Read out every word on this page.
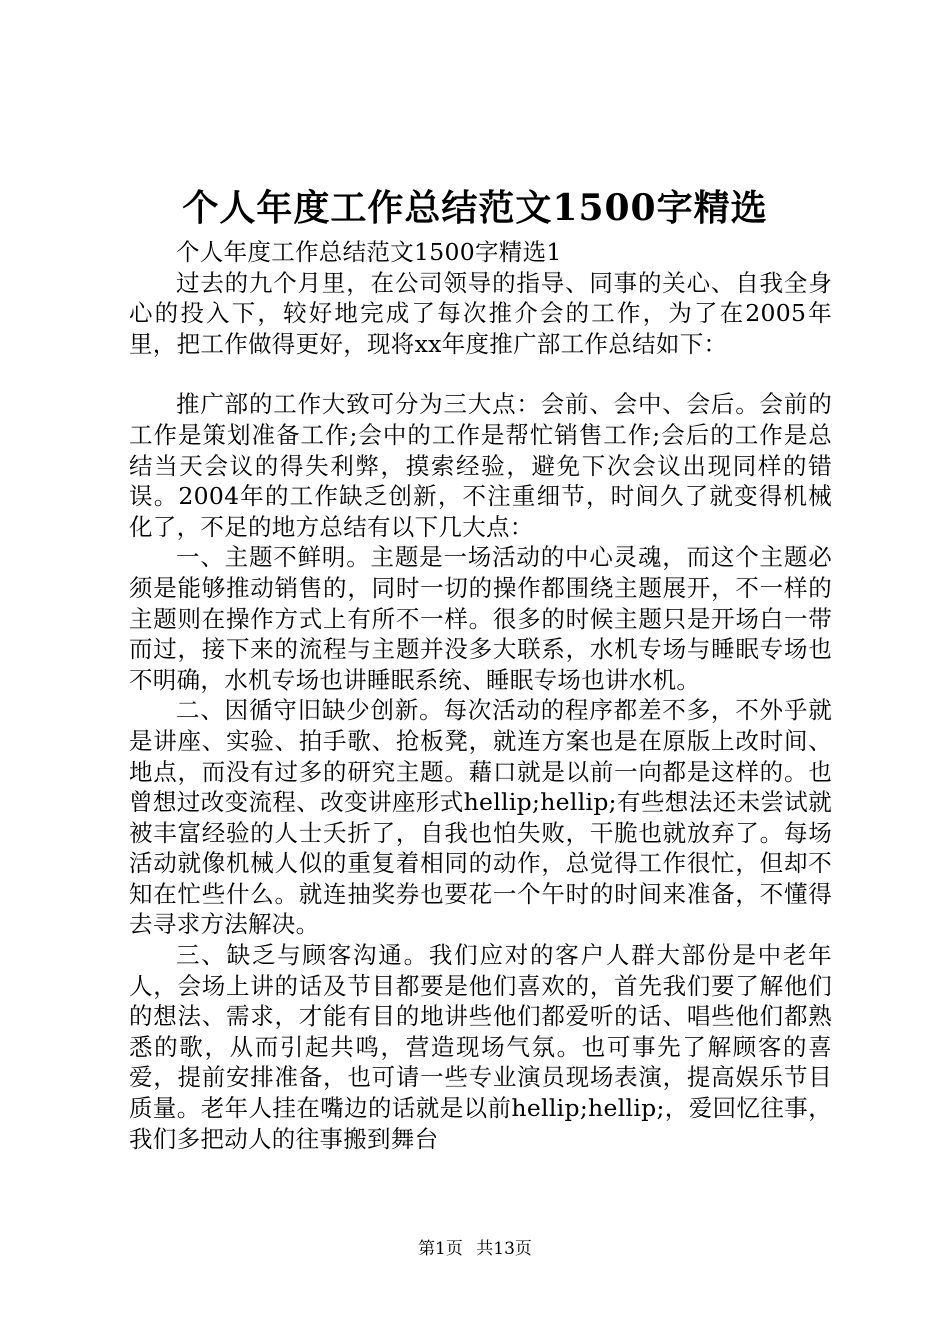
个人年度工作总结范文1500字精选

个人年度工作总结范文1500字精选1

过去的九个月里，在公司领导的指导、同事的关心、自我全身心的投入下，较好地完成了每次推介会的工作，为了在2005年里，把工作做得更好，现将xx年度推广部工作总结如下：

推广部的工作大致可分为三大点：会前、会中、会后。会前的工作是策划准备工作;会中的工作是帮忙销售工作;会后的工作是总结当天会议的得失利弊，摸索经验，避免下次会议出现同样的错误。2004年的工作缺乏创新，不注重细节，时间久了就变得机械化了，不足的地方总结有以下几大点：

一、主题不鲜明。主题是一场活动的中心灵魂，而这个主题必须是能够推动销售的，同时一切的操作都围绕主题展开，不一样的主题则在操作方式上有所不一样。很多的时候主题只是开场白一带而过，接下来的流程与主题并没多大联系，水机专场与睡眠专场也不明确，水机专场也讲睡眠系统、睡眠专场也讲水机。

二、因循守旧缺少创新。每次活动的程序都差不多，不外乎就是讲座、实验、拍手歌、抢板凳，就连方案也是在原版上改时间、地点，而没有过多的研究主题。藉口就是以前一向都是这样的。也曾想过改变流程、改变讲座形式hellip;hellip;有些想法还未尝试就被丰富经验的人士夭折了，自我也怕失败，干脆也就放弃了。每场活动就像机械人似的重复着相同的动作，总觉得工作很忙，但却不知在忙些什么。就连抽奖券也要花一个午时的时间来准备，不懂得去寻求方法解决。

三、缺乏与顾客沟通。我们应对的客户人群大部份是中老年人，会场上讲的话及节目都要是他们喜欢的，首先我们要了解他们的想法、需求，才能有目的地讲些他们都爱听的话、唱些他们都熟悉的歌，从而引起共鸣，营造现场气氛。也可事先了解顾客的喜爱，提前安排准备，也可请一些专业演员现场表演，提高娱乐节目质量。老年人挂在嘴边的话就是以前hellip;hellip;，爱回忆往事，我们多把动人的往事搬到舞台

第1页 共13页
